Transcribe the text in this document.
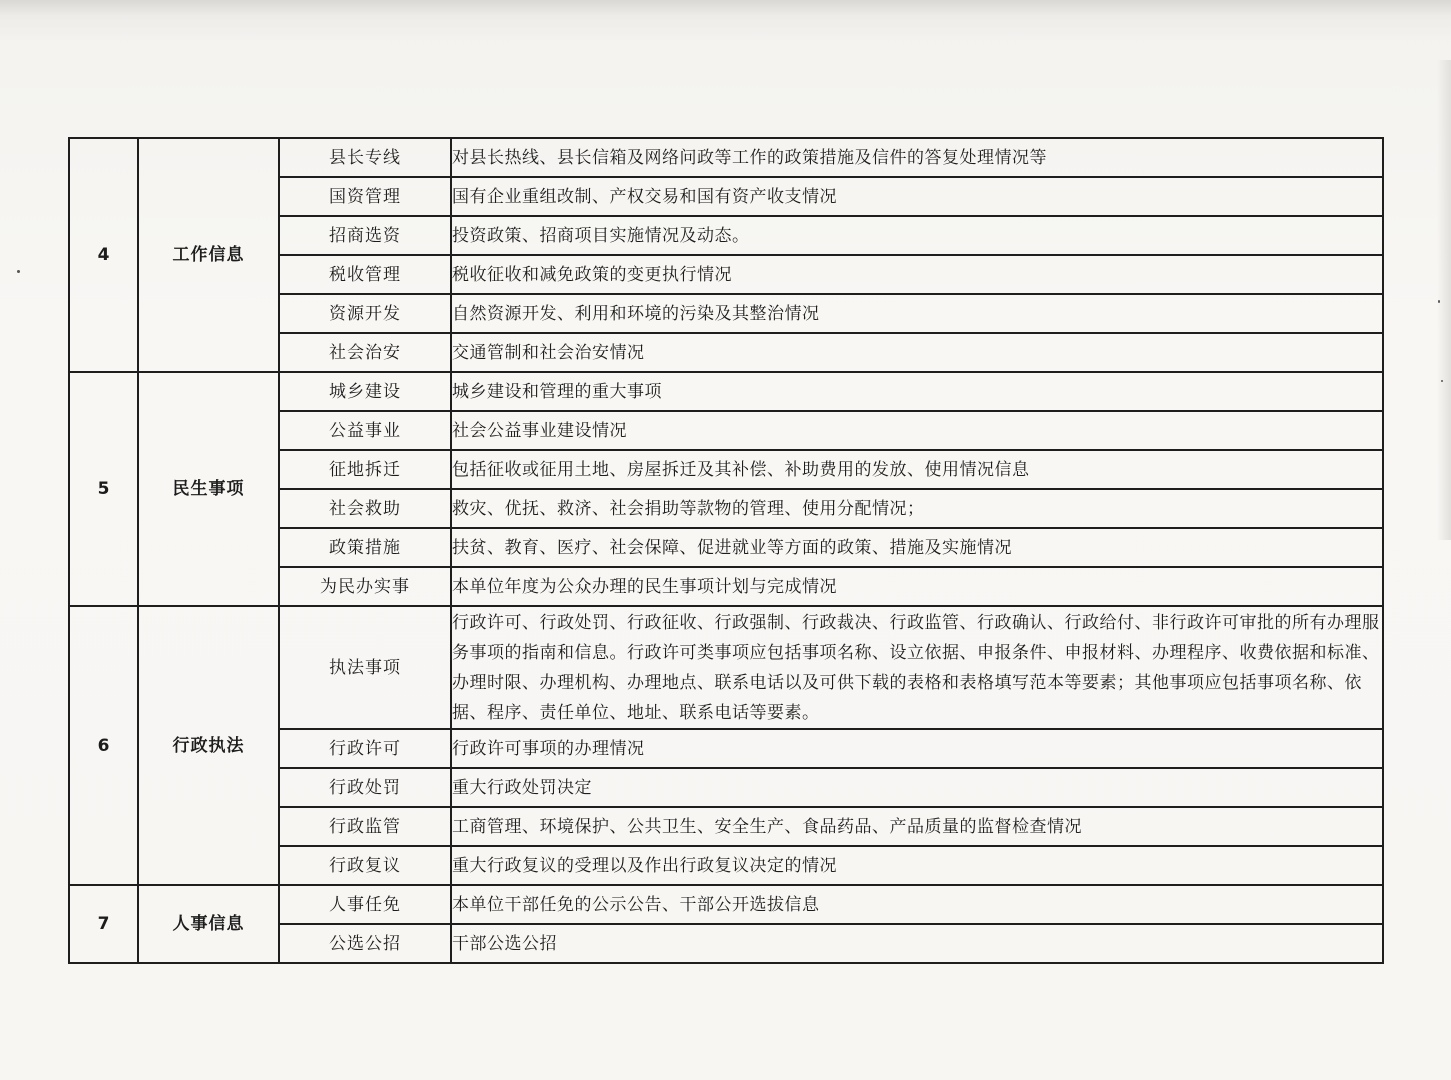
4	工作信息	县长专线	对县长热线、县长信箱及网络问政等工作的政策措施及信件的答复处理情况等
		国资管理	国有企业重组改制、产权交易和国有资产收支情况
		招商选资	投资政策、招商项目实施情况及动态。
		税收管理	税收征收和减免政策的变更执行情况
		资源开发	自然资源开发、利用和环境的污染及其整治情况
		社会治安	交通管制和社会治安情况
5	民生事项	城乡建设	城乡建设和管理的重大事项
		公益事业	社会公益事业建设情况
		征地拆迁	包括征收或征用土地、房屋拆迁及其补偿、补助费用的发放、使用情况信息
		社会救助	救灾、优抚、救济、社会捐助等款物的管理、使用分配情况；
		政策措施	扶贫、教育、医疗、社会保障、促进就业等方面的政策、措施及实施情况
		为民办实事	本单位年度为公众办理的民生事项计划与完成情况
6	行政执法	执法事项	行政许可、行政处罚、行政征收、行政强制、行政裁决、行政监管、行政确认、行政给付、非行政许可审批的所有办理服务事项的指南和信息。行政许可类事项应包括事项名称、设立依据、申报条件、申报材料、办理程序、收费依据和标准、办理时限、办理机构、办理地点、联系电话以及可供下载的表格和表格填写范本等要素；其他事项应包括事项名称、依据、程序、责任单位、地址、联系电话等要素。
		行政许可	行政许可事项的办理情况
		行政处罚	重大行政处罚决定
		行政监管	工商管理、环境保护、公共卫生、安全生产、食品药品、产品质量的监督检查情况
		行政复议	重大行政复议的受理以及作出行政复议决定的情况
7	人事信息	人事任免	本单位干部任免的公示公告、干部公开选拔信息
		公选公招	干部公选公招
